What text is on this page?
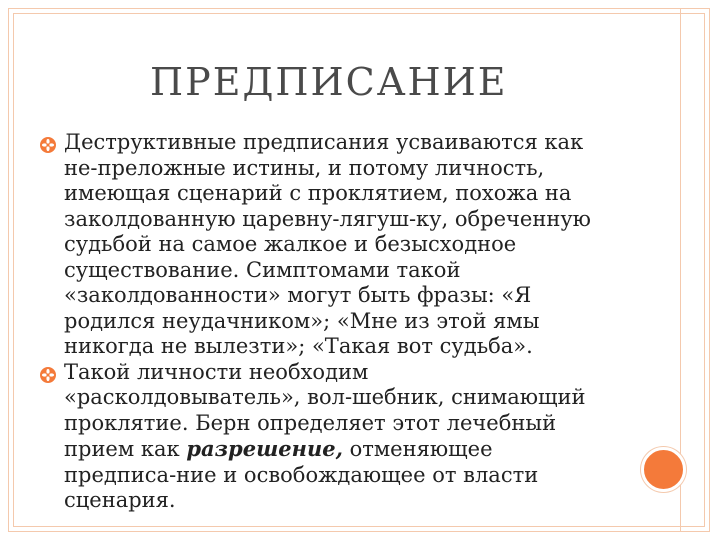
ПРЕДПИСАНИЕ

Деструктивные предписания усваиваются как
не-преложные истины, и потому личность,
имеющая сценарий с проклятием, похожа на
заколдованную царевну-лягуш-ку, обреченную
судьбой на самое жалкое и безысходное
существование. Симптомами такой
«заколдованности» могут быть фразы: «Я
родился неудачником»; «Мне из этой ямы
никогда не вылезти»; «Такая вот судьба».

Такой личности необходим
«расколдовыватель», вол-шебник, снимающий
проклятие. Берн определяет этот лечебный
прием как разрешение, отменяющее
предписа-ние и освобождающее от власти
сценария.
